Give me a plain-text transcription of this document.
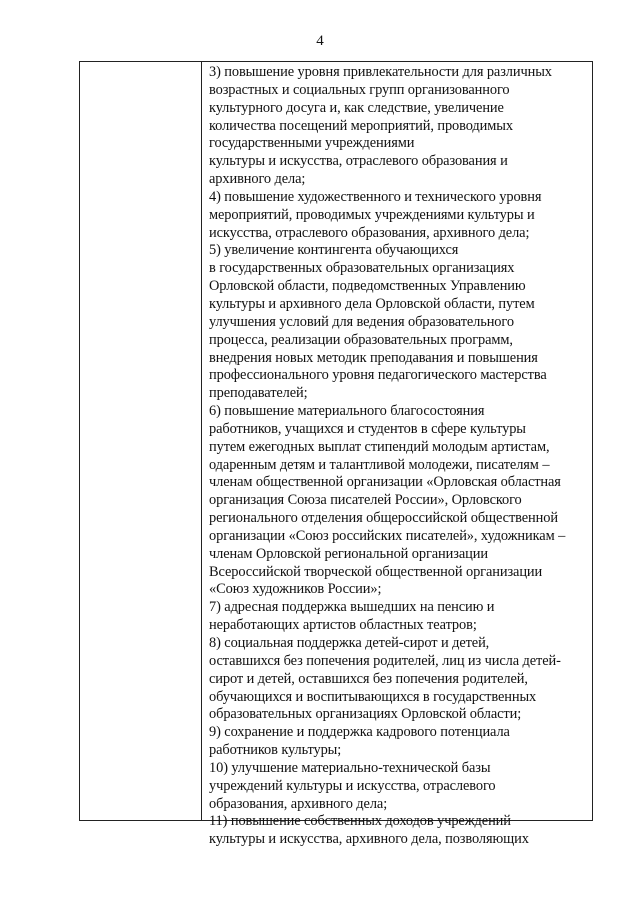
4
3) повышение уровня привлекательности для различных
возрастных и социальных групп организованного
культурного досуга и, как следствие, увеличение
количества посещений мероприятий, проводимых
государственными учреждениями
культуры и искусства, отраслевого образования и
архивного дела;
4) повышение художественного и технического уровня
мероприятий, проводимых учреждениями культуры и
искусства, отраслевого образования, архивного дела;
5) увеличение контингента обучающихся
в государственных образовательных организациях
Орловской области, подведомственных Управлению
культуры и архивного дела Орловской области, путем
улучшения условий для ведения образовательного
процесса, реализации образовательных программ,
внедрения новых методик преподавания и повышения
профессионального уровня педагогического мастерства
преподавателей;
6) повышение материального благосостояния
работников, учащихся и студентов в сфере культуры
путем ежегодных выплат стипендий молодым артистам,
одаренным детям и талантливой молодежи, писателям –
членам общественной организации «Орловская областная
организация Союза писателей России», Орловского
регионального отделения общероссийской общественной
организации «Союз российских писателей», художникам –
членам Орловской региональной организации
Всероссийской творческой общественной организации
«Союз художников России»;
7) адресная поддержка вышедших на пенсию и
неработающих артистов областных театров;
8) социальная поддержка детей-сирот и детей,
оставшихся без попечения родителей, лиц из числа детей-
сирот и детей, оставшихся без попечения родителей,
обучающихся и воспитывающихся в государственных
образовательных организациях Орловской области;
9) сохранение и поддержка кадрового потенциала
работников культуры;
10) улучшение материально-технической базы
учреждений культуры и искусства, отраслевого
образования, архивного дела;
11) повышение собственных доходов учреждений
культуры и искусства, архивного дела, позволяющих
